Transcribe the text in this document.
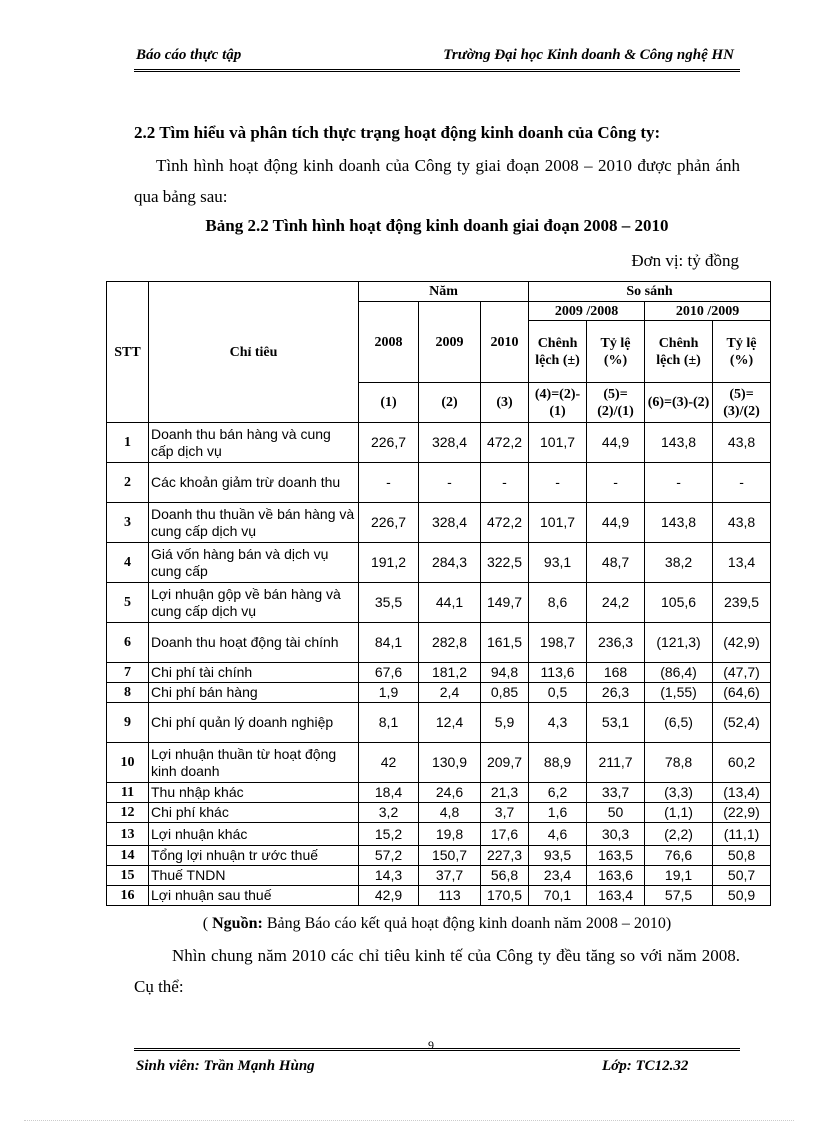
Báo cáo thực tập	Trường Đại học Kinh doanh & Công nghệ HN
2.2 Tìm hiểu và phân tích thực trạng hoạt động kinh doanh của Công ty:
Tình hình hoạt động kinh doanh của Công ty giai đoạn 2008 – 2010 được phản ánh qua bảng sau:
Bảng 2.2 Tình hình hoạt động kinh doanh giai đoạn 2008 – 2010
Đơn vị: tỷ đồng
STT	Chỉ tiêu	Năm			So sánh			
		2008	2009	2010	2009 /2008		2010 /2009	
					Chênh lệch (±)	Tỷ lệ (%)	Chênh lệch (±)	Tỷ lệ (%)
		(1)	(2)	(3)	(4)=(2)-(1)	(5)=(2)/(1)	(6)=(3)-(2)	(5)=(3)/(2)
1	Doanh thu bán hàng và cung cấp dịch vụ	226,7	328,4	472,2	101,7	44,9	143,8	43,8
2	Các khoản giảm trừ doanh thu	-	-	-	-	-	-	-
3	Doanh thu thuần về bán hàng và cung cấp dịch vụ	226,7	328,4	472,2	101,7	44,9	143,8	43,8
4	Giá vốn hàng bán và dịch vụ cung cấp	191,2	284,3	322,5	93,1	48,7	38,2	13,4
5	Lợi nhuận gộp về bán hàng và cung cấp dịch vụ	35,5	44,1	149,7	8,6	24,2	105,6	239,5
6	Doanh thu hoạt động tài chính	84,1	282,8	161,5	198,7	236,3	(121,3)	(42,9)
7	Chi phí tài chính	67,6	181,2	94,8	113,6	168	(86,4)	(47,7)
8	Chi phí bán hàng	1,9	2,4	0,85	0,5	26,3	(1,55)	(64,6)
9	Chi phí quản lý doanh nghiệp	8,1	12,4	5,9	4,3	53,1	(6,5)	(52,4)
10	Lợi nhuận thuần từ hoạt động kinh doanh	42	130,9	209,7	88,9	211,7	78,8	60,2
11	Thu nhập khác	18,4	24,6	21,3	6,2	33,7	(3,3)	(13,4)
12	Chi phí khác	3,2	4,8	3,7	1,6	50	(1,1)	(22,9)
13	Lợi nhuận khác	15,2	19,8	17,6	4,6	30,3	(2,2)	(11,1)
14	Tổng lợi nhuận tr ước thuế	57,2	150,7	227,3	93,5	163,5	76,6	50,8
15	Thuế TNDN	14,3	37,7	56,8	23,4	163,6	19,1	50,7
16	Lợi nhuận sau thuế	42,9	113	170,5	70,1	163,4	57,5	50,9
( Nguồn: Bảng Báo cáo kết quả hoạt động kinh doanh năm 2008 – 2010)
Nhìn chung năm 2010 các chỉ tiêu kinh tế của Công ty đều tăng so với năm 2008. Cụ thể:
9
Sinh viên: Trần Mạnh Hùng	Lớp: TC12.32
